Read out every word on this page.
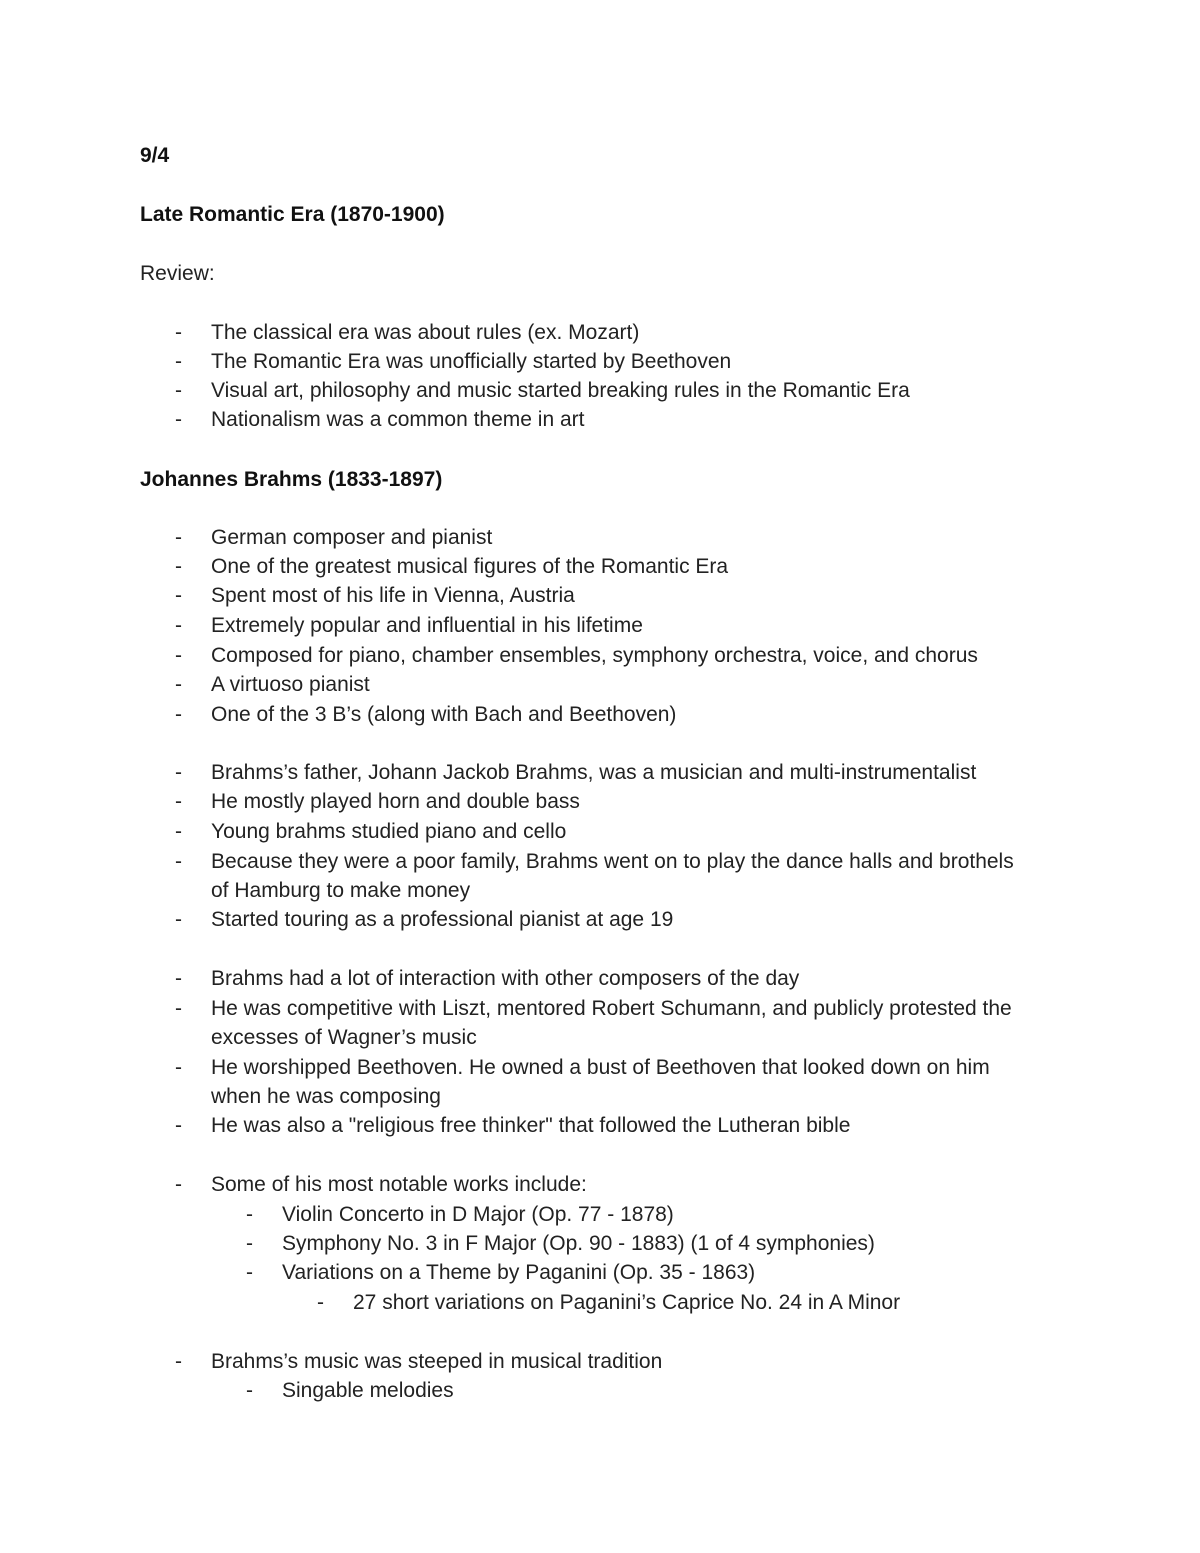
9/4
Late Romantic Era (1870-1900)
Review:
- The classical era was about rules (ex. Mozart)
- The Romantic Era was unofficially started by Beethoven
- Visual art, philosophy and music started breaking rules in the Romantic Era
- Nationalism was a common theme in art
Johannes Brahms (1833-1897)
- German composer and pianist
- One of the greatest musical figures of the Romantic Era
- Spent most of his life in Vienna, Austria
- Extremely popular and influential in his lifetime
- Composed for piano, chamber ensembles, symphony orchestra, voice, and chorus
- A virtuoso pianist
- One of the 3 B’s (along with Bach and Beethoven)
- Brahms’s father, Johann Jackob Brahms, was a musician and multi-instrumentalist
- He mostly played horn and double bass
- Young brahms studied piano and cello
- Because they were a poor family, Brahms went on to play the dance halls and brothels
of Hamburg to make money
- Started touring as a professional pianist at age 19
- Brahms had a lot of interaction with other composers of the day
- He was competitive with Liszt, mentored Robert Schumann, and publicly protested the
excesses of Wagner’s music
- He worshipped Beethoven. He owned a bust of Beethoven that looked down on him
when he was composing
- He was also a "religious free thinker" that followed the Lutheran bible
- Some of his most notable works include:
- Violin Concerto in D Major (Op. 77 - 1878)
- Symphony No. 3 in F Major (Op. 90 - 1883) (1 of 4 symphonies)
- Variations on a Theme by Paganini (Op. 35 - 1863)
- 27 short variations on Paganini’s Caprice No. 24 in A Minor
- Brahms’s music was steeped in musical tradition
- Singable melodies
